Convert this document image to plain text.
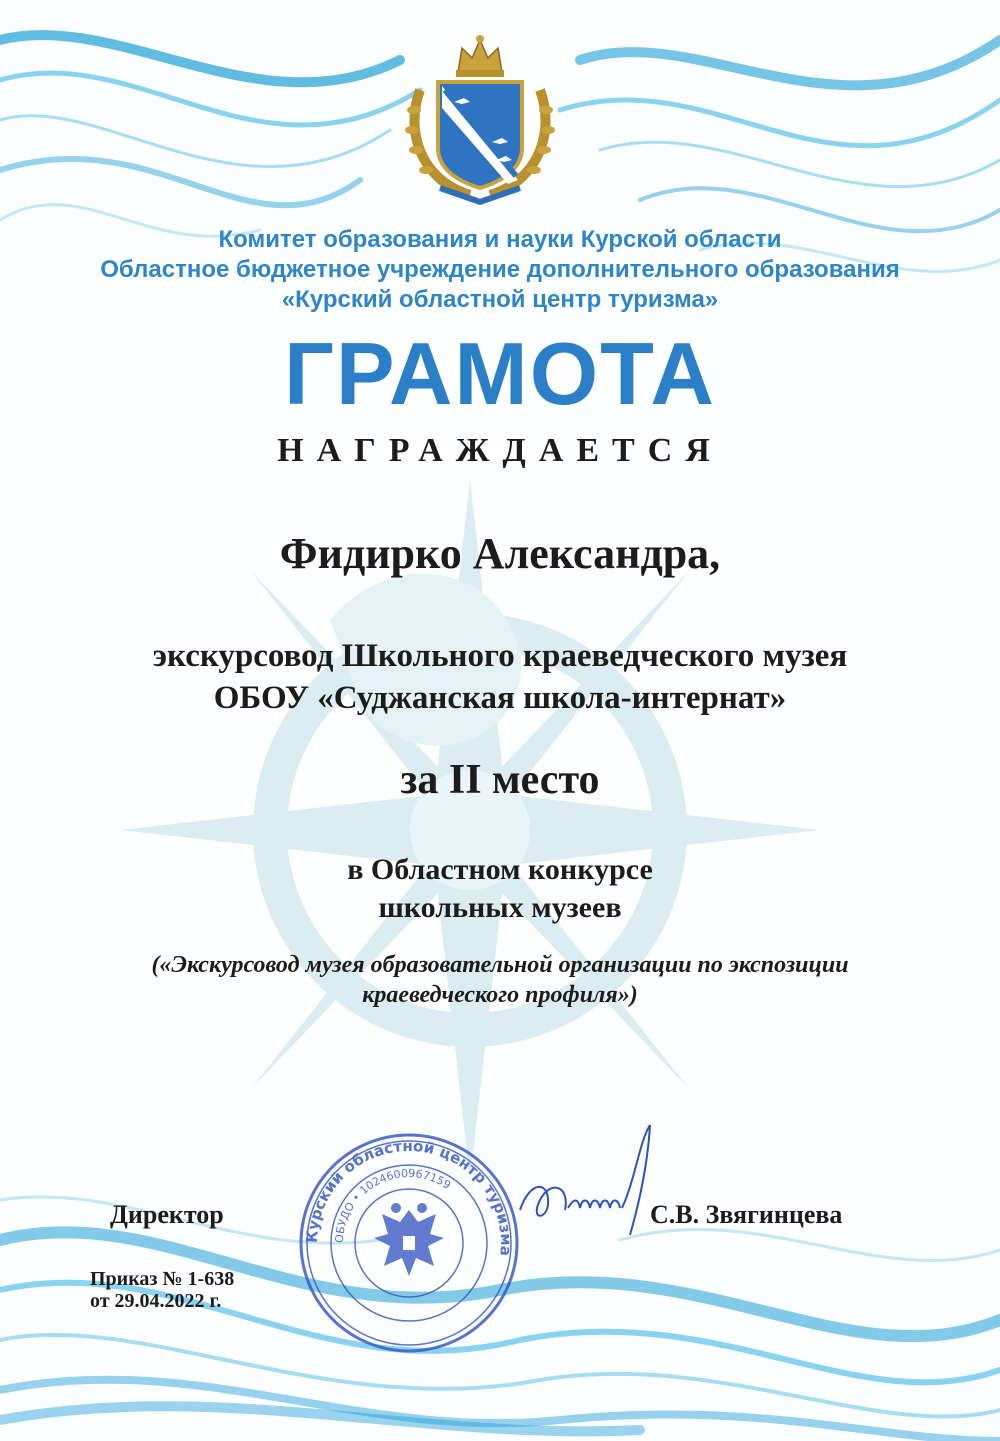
Комитет образования и науки Курской области
Областное бюджетное учреждение дополнительного образования
«Курский областной центр туризма»
ГРАМОТА
НАГРАЖДАЕТСЯ
Фидирко Александра,
экскурсовод Школьного краеведческого музея
ОБОУ «Суджанская школа-интернат»
за II место
в Областном конкурсе
школьных музеев
(«Экскурсовод музея образовательной организации по экспозиции
краеведческого профиля»)
Директор
Курский областной центр туризма
ОБУДО • 1024600967159
С.В. Звягинцева
Приказ № 1-638
от 29.04.2022 г.
